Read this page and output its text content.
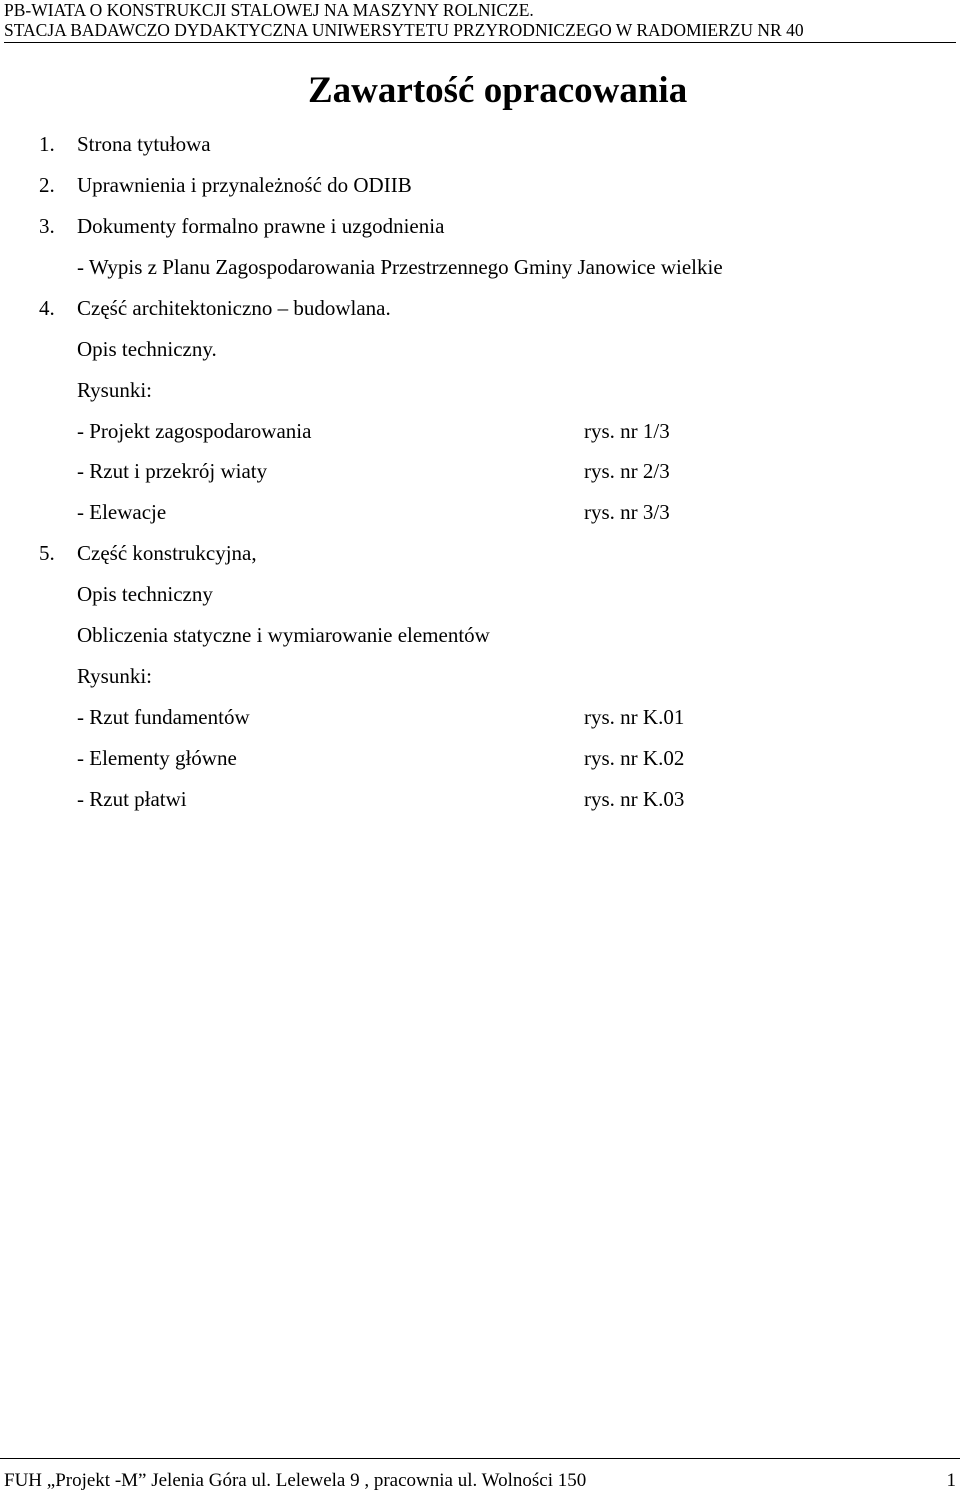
PB-WIATA O KONSTRUKCJI STALOWEJ NA MASZYNY ROLNICZE.
STACJA BADAWCZO DYDAKTYCZNA UNIWERSYTETU PRZYRODNICZEGO W RADOMIERZU NR 40
Zawartość opracowania
1. Strona tytułowa
2. Uprawnienia i przynależność do ODIIB
3. Dokumenty formalno prawne i uzgodnienia
- Wypis z Planu Zagospodarowania Przestrzennego Gminy Janowice wielkie
4. Część architektoniczno – budowlana.
Opis techniczny.
Rysunki:
- Projekt zagospodarowania	rys. nr 1/3
- Rzut i przekrój wiaty	rys. nr 2/3
- Elewacje	rys. nr 3/3
5. Część konstrukcyjna,
Opis techniczny
Obliczenia statyczne i wymiarowanie elementów
Rysunki:
- Rzut fundamentów	rys. nr K.01
- Elementy główne	rys. nr K.02
- Rzut płatwi	rys. nr K.03
FUH „Projekt -M” Jelenia Góra ul. Lelewela 9 , pracownia ul. Wolności 150	1
